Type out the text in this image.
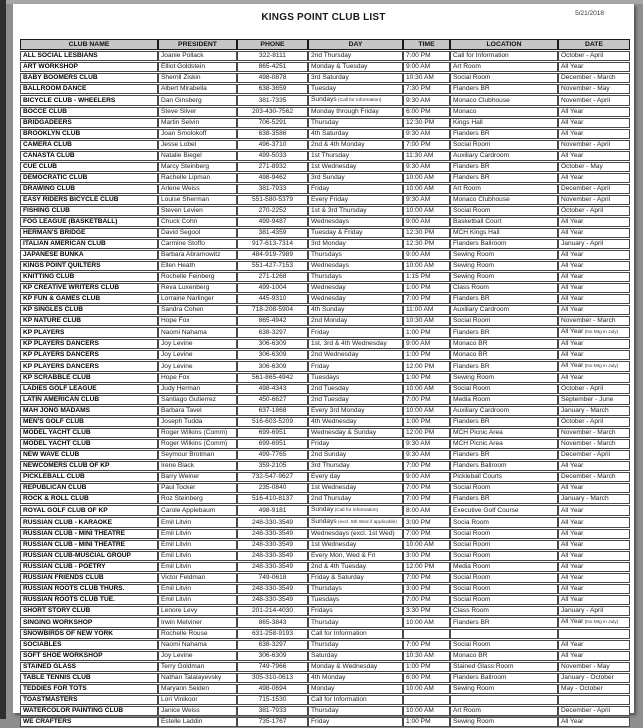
KINGS POINT CLUB LIST	5/21/2018
CLUB NAME	PRESIDENT	PHONE	DAY	TIME	LOCATION	DATE
ALL SOCIAL LESBIANS	Joanie Pollack	322-8111	2nd Thursday	7:00 PM	Call for Information	October - April
ART WORKSHOP	Elliot Goldstein	865-4251	Monday & Tuesday	9:00 AM	Art Room	All Year
BABY BOOMERS CLUB	Sherrill Ziskin	498-0878	3rd Saturday	10:30 AM	Social Room	December - March
BALLROOM DANCE	Albert Mirabella	638-3659	Tuesday	7:30 PM	Flanders BR	November - May
BICYCLE CLUB - WHEELERS	Dan Ginsberg	381-7335	Sundays (Call for information)	9:30 AM	Monaco Clubhouse	November - April
BOCCE CLUB	Steve Silver	203-430-7562	Monday through Friday	6:00 PM	Monaco	All Year
BRIDGADEERS	Martin Selvin	706-5291	Thursday	12:30 PM	Kings Hall	All Year
BROOKLYN CLUB	Joan Smolokoff	638-3586	4th Saturday	9:30 AM	Flanders BR	All Year
CAMERA CLUB	Jesse Lobel	496-3710	2nd & 4th Monday	7:00 PM	Social Room	November - April
CANASTA CLUB	Natalie Biegel	499-5033	1st Thursday	11:30 AM	Auxiliary Cardroom	All Year
CUE CLUB	Marcy Steinberg	271-8932	1st Wednesday	9:30 AM	Flanders BR	October - May
DEMOCRATIC CLUB	Rachelle Lipman	498-9462	3rd Sunday	10:00 AM	Flanders BR	All Year
DRAWING CLUB	Arlene Weiss	381-7933	Friday	10:00 AM	Art Room	December - April
EASY RIDERS BICYCLE CLUB	Louise Sherman	551-580-5379	Every Friday	9:30 AM	Monaco Clubhouse	November - April
FISHING CLUB	Steven Levien	270-2252	1st & 3rd Thursday	10:00 AM	Social Room	October - April
FOG LEAGUE (BASKETBALL)	Chuck Cohn	499-9487	Wednesdays	9:00 AM	Basketball Court	All Year
HERMAN'S BRIDGE	David Segool	381-4359	Tuesday & Friday	12:30 PM	MCH Kings Hall	All Year
ITALIAN AMERICAN CLUB	Carmine Stoffo	917-613-7314	3rd Monday	12:30 PM	Flanders Ballroom	January - April
JAPANESE BUNKA	Barbara Abramowitz	484-919-7989	Thursdays	9:00 AM	Sewing Room	All Year
KINGS POINT QUILTERS	Ellen Heath	551-427-7153	Wednesdays	10:00 AM	Sewing Room	All Year
KNITTING CLUB	Rochelle Feinberg	271-1268	Thursdays	1:15 PM	Sewing Room	All Year
KP CREATIVE WRITERS CLUB	Reva Luxenberg	499-1004	Wednesday	1:00 PM	Class Room	All Year
KP FUN & GAMES CLUB	Lorraine Narlinger	445-9310	Wednesday	7:00 PM	Flanders BR	All Year
KP SINGLES CLUB	Sandra Cohen	718-208-5904	4th Sunday	11:00 AM	Auxiliary Cardroom	All Year
KP NATURE CLUB	Hope Fox	865-4942	2nd Monday	10:30 AM	Social Room	November - March
KP PLAYERS	Naomi Nahama	638-3297	Friday	1:00 PM	Flanders BR	All Year (No Mtg in July)
KP PLAYERS DANCERS	Joy Levine	306-6309	1st, 3rd & 4th Wednesday	9:00 AM	Monaco BR	All Year
KP PLAYERS DANCERS	Joy Levine	306-6309	2nd Wednesday	1:00 PM	Monaco BR	All Year
KP PLAYERS DANCERS	Joy Levine	306-6309	Friday	12:00 PM	Flanders BR	All Year (No Mtg in July)
KP SCRABBLE CLUB	Hope Fox	561-865-4942	Tuesdays	1:00 PM	Sewing Room	All Year
LADIES GOLF LEAGUE	Judy Herman	498-4343	2nd Tuesday	10:00 AM	Social Room	October - April
LATIN AMERICAN CLUB	Santiago Gutierrez	450-6627	2nd Tuesday	7:00 PM	Media Room	September - June
MAH JONG MADAMS	Barbara Tavel	637-1868	Every 3rd Monday	10:00 AM	Auxiliary Cardroom	January - March
MEN'S GOLF CLUB	Joseph Tudda	516-603-5209	4th Wednesday	1:00 PM	Flanders BR	October - April
MODEL YACHT CLUB	Roger Wilkins (Comm)	699-6951	Wednesday & Sunday	12:00 PM	MCH Picnic Area	November - March
MODEL YACHT CLUB	Roger Wilkins (Comm)	699-6951	Friday	9:30 AM	MCH Picnic Area	November - March
NEW WAVE CLUB	Seymour Brotman	499-7765	2nd Sunday	9:30 AM	Flanders BR	December - April
NEWCOMERS CLUB OF KP	Irene Black	359-2105	3rd Thursday	7:00 PM	Flanders Ballroom	All Year
PICKLEBALL CLUB	Barry Weiner	732-547-9627	Every day	9:00 AM	Pickleball Courts	December - March
REPUBLICAN CLUB	Paul Tocker	235-0840	1st Wednesday	7:00 PM	Social Room	All Year
ROCK & ROLL CLUB	Roz Steinberg	516-410-8137	2nd Thursday	7:00 PM	Flanders BR	January - March
ROYAL GOLF CLUB OF KP	Carole Applebaum	498-9181	Sunday (Call for information)	8:00 AM	Executive Golf Course	All Year
RUSSIAN CLUB - KARAOKE	Emil Litvin	248-330-3549	Sundays (excl. 5th Wed if applicable)	3:00 PM	Socia Room	All Year
RUSSIAN CLUB - MINI THEATRE	Emil Litvin	248-330-3549	Wednesdays (excl. 1st Wed)	7:00 PM	Social Room	All Year
RUSSIAN CLUB - MINI THEATRE	Emil Litvin	248-330-3549	1st Wednesday	10:00 AM	Social Room	All Year
RUSSIAN CLUB-MUSCIAL GROUP	Emil Litvin	248-330-3549	Every Mon, Wed & Fri	3:00 PM	Social Room	All Year
RUSSIAN CLUB - POETRY	Emil Litvin	248-330-3549	2nd & 4th Tuesday	12:00 PM	Media Room	All Year
RUSSIAN FRIENDS CLUB	Victor Feldman	749-0618	Friday & Saturday	7:00 PM	Social Room	All Year
RUSSIAN ROOTS CLUB THURS.	Emil Litvin	248-330-3549	Thursdays	3:00 PM	Social Room	All Year
RUSSIAN ROOTS CLUB TUE.	Emil Litvin	248-330-3549	Tuesdays	7:00 PM	Social Room	All Year
SHORT STORY CLUB	Lenore Levy	201-214-4030	Fridays	3:30 PM	Class Room	January - April
SINGING WORKSHOP	Irwin Metviner	865-3843	Thursday	10:00 AM	Flanders BR	All Year (No Mtg in July)
SNOWBIRDS OF NEW YORK	Rochelle Rouse	631-258-9193	Call for Information			
SOCIABLES	Naomi Nahama	638-3297	Thursday	7:00 PM	Social Room	All Year
SOFT SHOE WORKSHOP	Joy Levine	306-6309	Saturday	10:30 AM	Monaco BR	All Year
STAINED GLASS	Terry Goldman	749-7966	Monday & Wednesday	1:00 PM	Stained Glass Room	November - May
TABLE TENNIS CLUB	Nathan Talalayevsky	305-310-0613	4th Monday	6:00 PM	Flanders Ballroom	January - October
TEDDIES FOR TOTS	Maryann Seiden	498-0694	Monday	10:00 AM	Sewing Room	May - October
TOASTMASTERS	Lori Vinikoor	715-1530	Call for Information			
WATERCOLOR PAINTING CLUB	Janice Weiss	381-7933	Thursday	10:00 AM	Art Room	December - April
WE CRAFTERS	Estelle Laddin	735-1767	Friday	1:00 PM	Sewing Room	All Year
